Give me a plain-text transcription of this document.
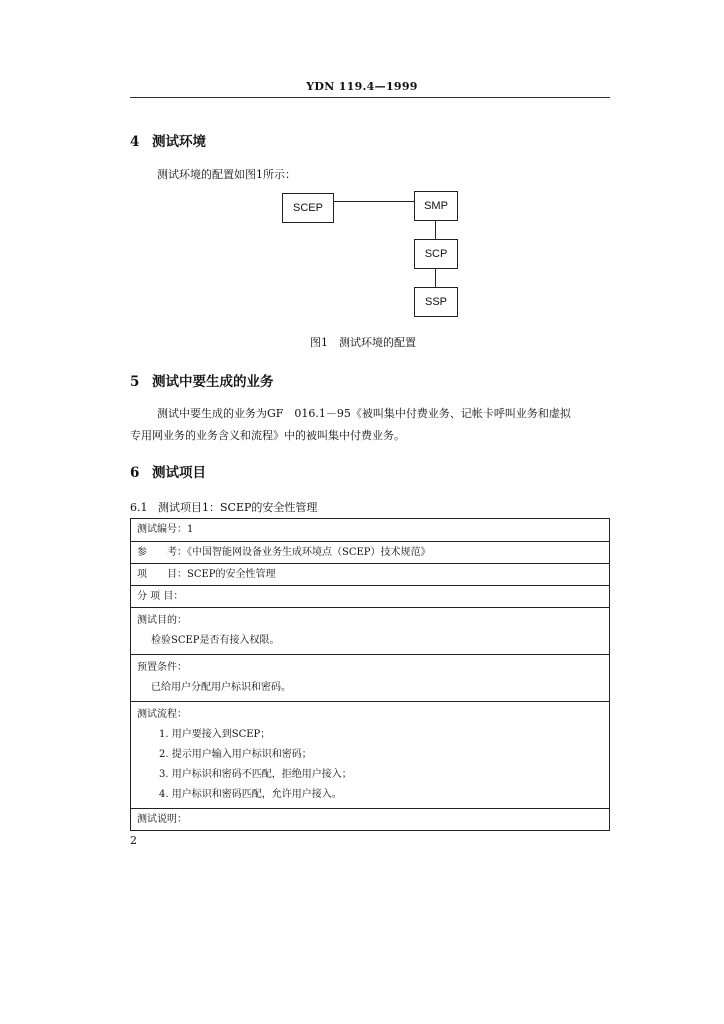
YDN 119.4—1999
4 测试环境
测试环境的配置如图1所示：
SCEP	SMP
SCP
SSP
图1　测试环境的配置
5 测试中要生成的业务
测试中要生成的业务为GF　016.1－95《被叫集中付费业务、记帐卡呼叫业务和虚拟
专用网业务的业务含义和流程》中的被叫集中付费业务。
6 测试项目
6.1 测试项目1：SCEP的安全性管理
测试编号：1
参　　考：《中国智能网设备业务生成环境点（SCEP）技术规范》
项　　目：SCEP的安全性管理
分 项 目：
测试目的：
检验SCEP是否有接入权限。
预置条件：
已给用户分配用户标识和密码。
测试流程：
1. 用户要接入到SCEP；
2. 提示用户输入用户标识和密码；
3. 用户标识和密码不匹配，拒绝用户接入；
4. 用户标识和密码匹配，允许用户接入。
测试说明：
2
